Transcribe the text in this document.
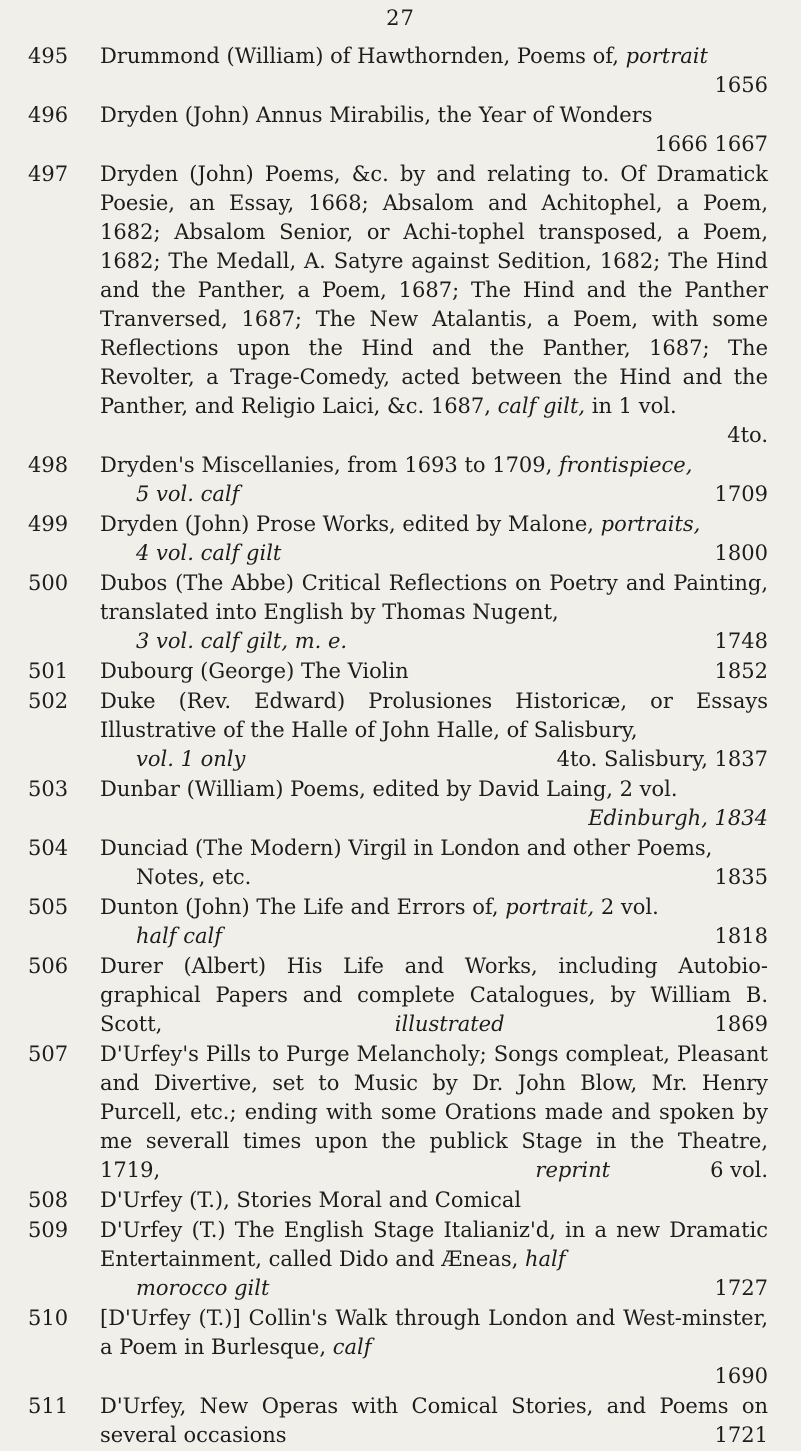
27
495	Drummond (William) of Hawthornden, Poems of, portrait
1656
496	Dryden (John) Annus Mirabilis, the Year of Wonders
1666 1667
497	Dryden (John) Poems, &c. by and relating to. Of Dramatick Poesie, an Essay, 1668; Absalom and Achitophel, a Poem, 1682; Absalom Senior, or Achi-tophel transposed, a Poem, 1682; The Medall, A. Satyre against Sedition, 1682; The Hind and the Panther, a Poem, 1687; The Hind and the Panther Tranversed, 1687; The New Atalantis, a Poem, with some Reflections upon the Hind and the Panther, 1687; The Revolter, a Trage-Comedy, acted between the Hind and the Panther, and Religio Laici, &c. 1687, calf gilt, in 1 vol.
4to.
498	Dryden's Miscellanies, from 1693 to 1709, frontispiece,
5 vol. calf	1709
499	Dryden (John) Prose Works, edited by Malone, portraits,
4 vol. calf gilt	1800
500	Dubos (The Abbe) Critical Reflections on Poetry and Painting, translated into English by Thomas Nugent,
3 vol. calf gilt, m. e.	1748
501	Dubourg (George) The Violin	1852
502	Duke (Rev. Edward) Prolusiones Historicæ, or Essays Illustrative of the Halle of John Halle, of Salisbury,
vol. 1 only	4to. Salisbury, 1837
503	Dunbar (William) Poems, edited by David Laing, 2 vol.
Edinburgh, 1834
504	Dunciad (The Modern) Virgil in London and other Poems,
Notes, etc.	1835
505	Dunton (John) The Life and Errors of, portrait, 2 vol.
half calf	1818
506	Durer (Albert) His Life and Works, including Autobio-graphical Papers and complete Catalogues, by William B. Scott,	illustrated	1869
507	D'Urfey's Pills to Purge Melancholy; Songs compleat, Pleasant and Divertive, set to Music by Dr. John Blow, Mr. Henry Purcell, etc.; ending with some Orations made and spoken by me severall times upon the publick Stage in the Theatre, 1719,	reprint	6 vol.
508	D'Urfey (T.), Stories Moral and Comical
509	D'Urfey (T.) The English Stage Italianiz'd, in a new Dramatic Entertainment, called Dido and Æneas, half
morocco gilt	1727
510	[D'Urfey (T.)] Collin's Walk through London and West-minster, a Poem in Burlesque, calf
1690
511	D'Urfey, New Operas with Comical Stories, and Poems on several occasions	1721
